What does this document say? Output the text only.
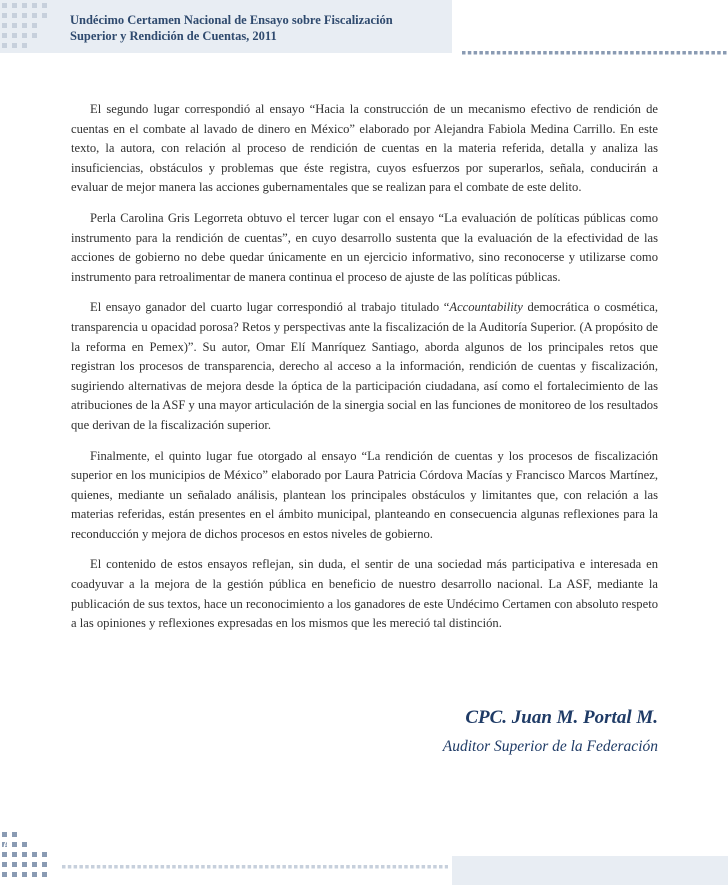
Undécimo Certamen Nacional de Ensayo sobre Fiscalización
Superior y Rendición de Cuentas, 2011

El segundo lugar correspondió al ensayo “Hacia la construcción de un mecanismo efectivo de rendición de cuentas en el combate al lavado de dinero en México” elaborado por Alejandra Fabiola Medina Carrillo. En este texto, la autora, con relación al proceso de rendición de cuentas en la materia referida, detalla y analiza las insuficiencias, obstáculos y problemas que éste registra, cuyos esfuerzos por superarlos, señala, conducirán a evaluar de mejor manera las acciones gubernamentales que se realizan para el combate de este delito.

Perla Carolina Gris Legorreta obtuvo el tercer lugar con el ensayo “La evaluación de políticas públicas como instrumento para la rendición de cuentas”, en cuyo desarrollo sustenta que la evaluación de la efectividad de las acciones de gobierno no debe quedar únicamente en un ejercicio informativo, sino reconocerse y utilizarse como instrumento para retroalimentar de manera continua el proceso de ajuste de las políticas públicas.

El ensayo ganador del cuarto lugar correspondió al trabajo titulado “Accountability democrática o cosmética, transparencia u opacidad porosa? Retos y perspectivas ante la fiscalización de la Auditoría Superior. (A propósito de la reforma en Pemex)”. Su autor, Omar Elí Manríquez Santiago, aborda algunos de los principales retos que registran los procesos de transparencia, derecho al acceso a la información, rendición de cuentas y fiscalización, sugiriendo alternativas de mejora desde la óptica de la participación ciudadana, así como el fortalecimiento de las atribuciones de la ASF y una mayor articulación de la sinergia social en las funciones de monitoreo de los resultados que derivan de la fiscalización superior.

Finalmente, el quinto lugar fue otorgado al ensayo “La rendición de cuentas y los procesos de fiscalización superior en los municipios de México” elaborado por Laura Patricia Córdova Macías y Francisco Marcos Martínez, quienes, mediante un señalado análisis, plantean los principales obstáculos y limitantes que, con relación a las materias referidas, están presentes en el ámbito municipal, planteando en consecuencia algunas reflexiones para la reconducción y mejora de dichos procesos en estos niveles de gobierno.

El contenido de estos ensayos reflejan, sin duda, el sentir de una sociedad más participativa e interesada en coadyuvar a la mejora de la gestión pública en beneficio de nuestro desarrollo nacional. La ASF, mediante la publicación de sus textos, hace un reconocimiento a los ganadores de este Undécimo Certamen con absoluto respeto a las opiniones y reflexiones expresadas en los mismos que les mereció tal distinción.

CPC. Juan M. Portal M.
Auditor Superior de la Federación
6
